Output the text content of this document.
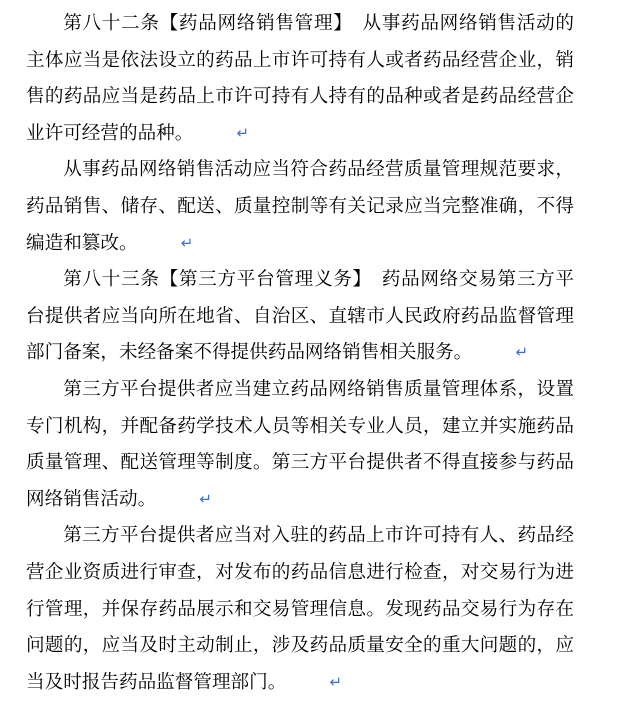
第八十二条【药品网络销售管理】　从事药品网络销售活动的主体应当是依法设立的药品上市许可持有人或者药品经营企业，销售的药品应当是药品上市许可持有人持有的品种或者是药品经营企业许可经营的品种。	↵

从事药品网络销售活动应当符合药品经营质量管理规范要求，药品销售、储存、配送、质量控制等有关记录应当完整准确，不得编造和篡改。	↵

第八十三条【第三方平台管理义务】　药品网络交易第三方平台提供者应当向所在地省、自治区、直辖市人民政府药品监督管理部门备案，未经备案不得提供药品网络销售相关服务。	↵

第三方平台提供者应当建立药品网络销售质量管理体系，设置专门机构，并配备药学技术人员等相关专业人员，建立并实施药品质量管理、配送管理等制度。第三方平台提供者不得直接参与药品网络销售活动。	↵

第三方平台提供者应当对入驻的药品上市许可持有人、药品经营企业资质进行审查，对发布的药品信息进行检查，对交易行为进行管理，并保存药品展示和交易管理信息。发现药品交易行为存在问题的，应当及时主动制止，涉及药品质量安全的重大问题的，应当及时报告药品监督管理部门。	↵
